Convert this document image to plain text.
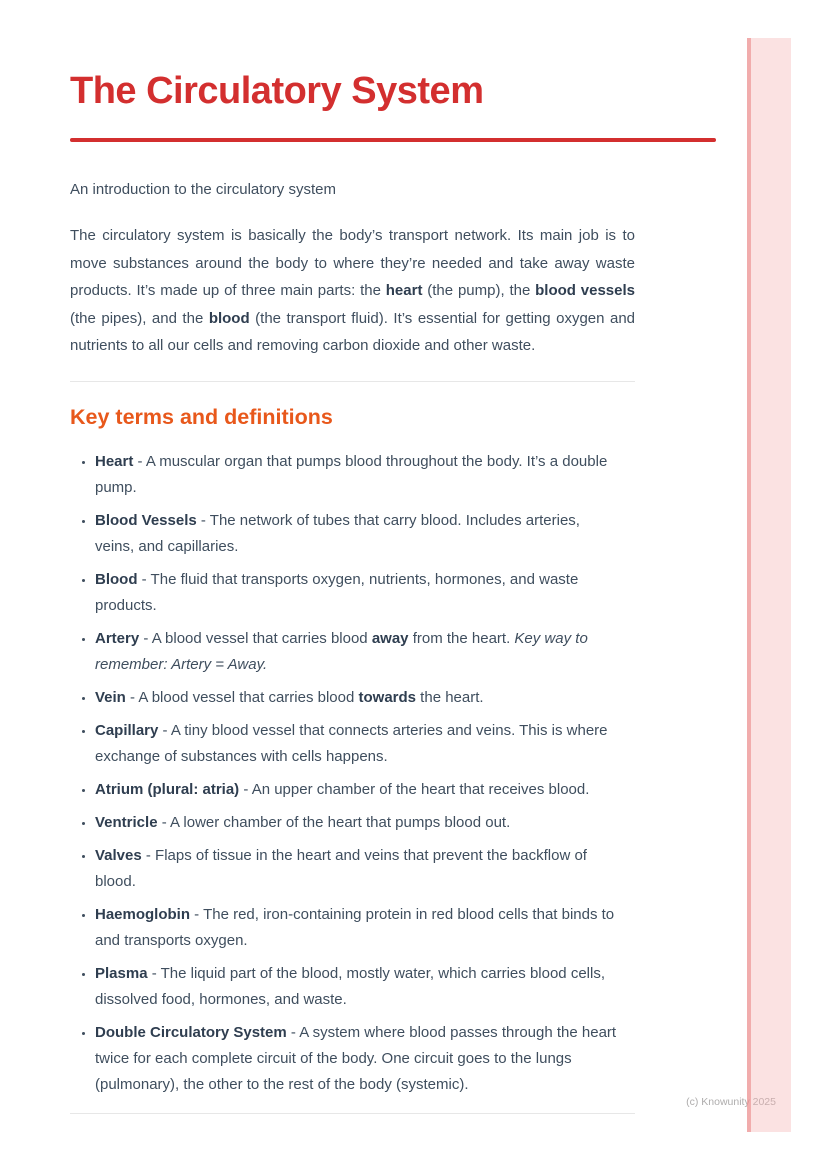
The Circulatory System

An introduction to the circulatory system

The circulatory system is basically the body’s transport network. Its main job is to move substances around the body to where they’re needed and take away waste products. It’s made up of three main parts: the heart (the pump), the blood vessels (the pipes), and the blood (the transport fluid). It’s essential for getting oxygen and nutrients to all our cells and removing carbon dioxide and other waste.

Key terms and definitions
• Heart - A muscular organ that pumps blood throughout the body. It’s a double pump.
• Blood Vessels - The network of tubes that carry blood. Includes arteries, veins, and capillaries.
• Blood - The fluid that transports oxygen, nutrients, hormones, and waste products.
• Artery - A blood vessel that carries blood away from the heart. Key way to remember: Artery = Away.
• Vein - A blood vessel that carries blood towards the heart.
• Capillary - A tiny blood vessel that connects arteries and veins. This is where exchange of substances with cells happens.
• Atrium (plural: atria) - An upper chamber of the heart that receives blood.
• Ventricle - A lower chamber of the heart that pumps blood out.
• Valves - Flaps of tissue in the heart and veins that prevent the backflow of blood.
• Haemoglobin - The red, iron-containing protein in red blood cells that binds to and transports oxygen.
• Plasma - The liquid part of the blood, mostly water, which carries blood cells, dissolved food, hormones, and waste.
• Double Circulatory System - A system where blood passes through the heart twice for each complete circuit of the body. One circuit goes to the lungs (pulmonary), the other to the rest of the body (systemic).
(c) Knowunity 2025
